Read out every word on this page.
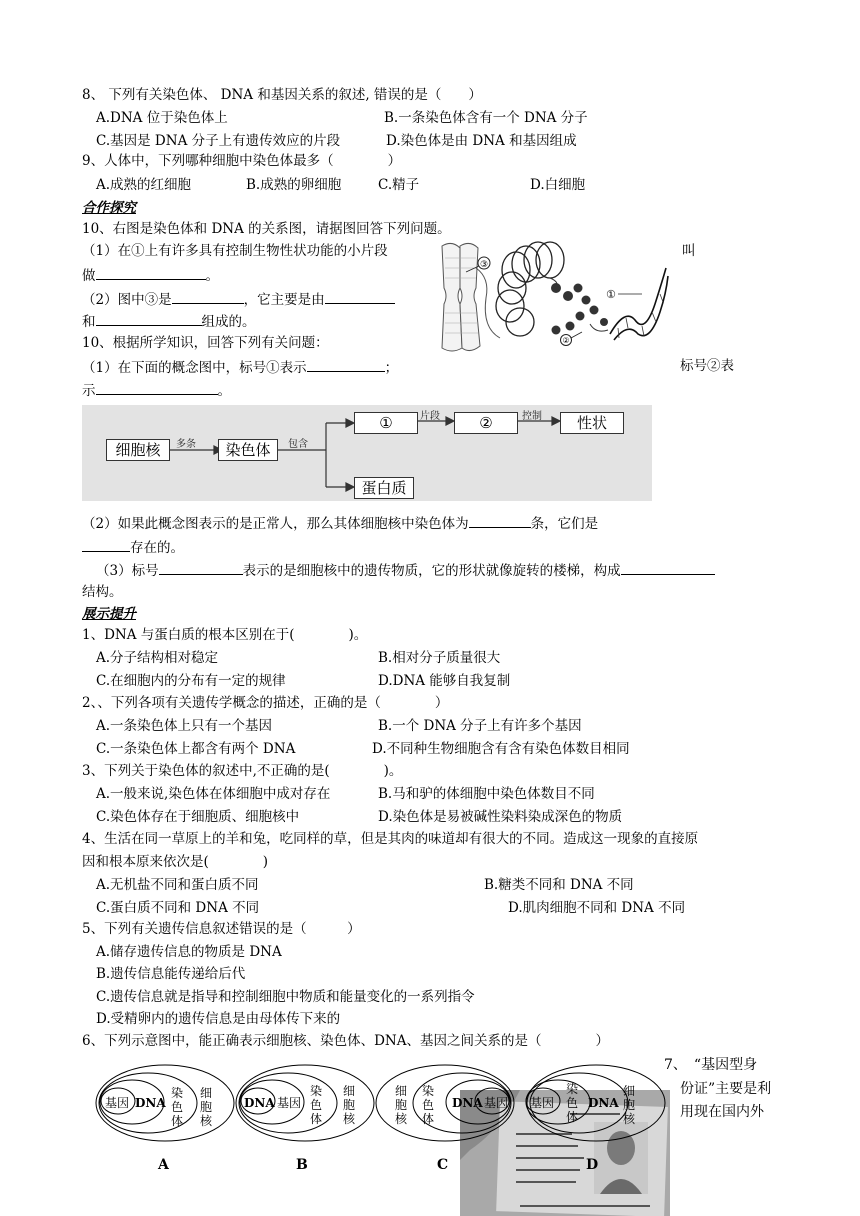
8、 下列有关染色体、 DNA 和基因关系的叙述, 错误的是（　　）
A.DNA 位于染色体上	B.一条染色体含有一个 DNA 分子
C.基因是 DNA 分子上有遗传效应的片段	D.染色体是由 DNA 和基因组成
9、人体中，下列哪种细胞中染色体最多（　　　　）
A.成熟的红细胞	B.成熟的卵细胞	C.精子	D.白细胞
合作探究
10、右图是染色体和 DNA 的关系图，请据图回答下列问题。
（1）在①上有许多具有控制生物性状功能的小片段	叫
做	。
（2）图中③是	，它主要是由
和	组成的。
③
①
②
10、根据所学知识，回答下列有关问题：
（1）在下面的概念图中，标号①表示	；	标号②表
示	。
细胞核	染色体
①	②	性状
蛋白质
多条	包含
片段	控制
（2）如果此概念图表示的是正常人，那么其体细胞核中染色体为	条，它们是
存在的。
（3）标号	表示的是细胞核中的遗传物质，它的形状就像旋转的楼梯，构成
结构。
展示提升
1、DNA 与蛋白质的根本区别在于(　　　　)。
A.分子结构相对稳定	B.相对分子质量很大
C.在细胞内的分布有一定的规律	D.DNA 能够自我复制
2、、下列各项有关遗传学概念的描述，正确的是（　　　　）
A.一条染色体上只有一个基因	B.一个 DNA 分子上有许多个基因
C.一条染色体上都含有两个 DNA	D.不同种生物细胞含有含有染色体数目相同
3、下列关于染色体的叙述中,不正确的是(　　　　)。
A.一般来说,染色体在体细胞中成对存在	B.马和驴的体细胞中染色体数目不同
C.染色体存在于细胞质、细胞核中	D.染色体是易被碱性染料染成深色的物质
4、生活在同一草原上的羊和兔，吃同样的草，但是其肉的味道却有很大的不同。造成这一现象的直接原
因和根本原来依次是(　　　　)
A.无机盐不同和蛋白质不同	B.糖类不同和 DNA 不同
C.蛋白质不同和 DNA 不同	D.肌肉细胞不同和 DNA 不同
5、下列有关遗传信息叙述错误的是（　　　）
A.储存遗传信息的物质是 DNA
B.遗传信息能传递给后代
C.遗传信息就是指导和控制细胞中物质和能量变化的一系列指令
D.受精卵内的遗传信息是由母体传下来的
6、下列示意图中，能正确表示细胞核、染色体、DNA、基因之间关系的是（　　　　）
7、　“基因型身
份证”主要是利
用现在国内外
基因 DNA
染色体
细胞核
DNA 基因
染色体
细胞核
细胞核
染色体
DNA 基因 基因
染色体
DNA
细胞核
A	B	C	D
